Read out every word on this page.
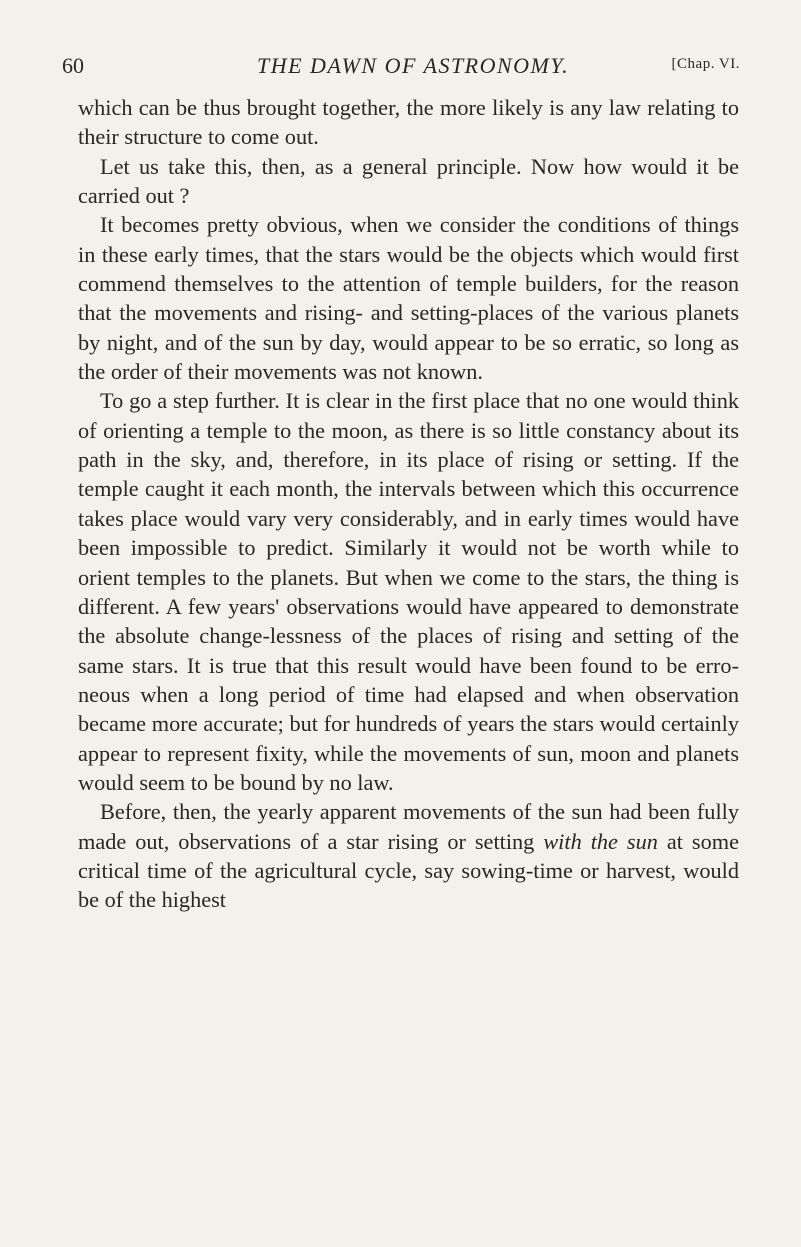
60	THE DAWN OF ASTRONOMY.	[Chap. VI.

which can be thus brought together, the more likely is any law relating to their structure to come out.

Let us take this, then, as a general principle. Now how would it be carried out ?

It becomes pretty obvious, when we consider the conditions of things in these early times, that the stars would be the objects which would first commend themselves to the attention of temple builders, for the reason that the movements and rising- and setting-places of the various planets by night, and of the sun by day, would appear to be so erratic, so long as the order of their movements was not known.

To go a step further. It is clear in the first place that no one would think of orienting a temple to the moon, as there is so little constancy about its path in the sky, and, therefore, in its place of rising or setting. If the temple caught it each month, the intervals between which this occurrence takes place would vary very considerably, and in early times would have been impossible to predict. Similarly it would not be worth while to orient temples to the planets. But when we come to the stars, the thing is different. A few years' observations would have appeared to demonstrate the absolute change-lessness of the places of rising and setting of the same stars. It is true that this result would have been found to be erro-neous when a long period of time had elapsed and when observation became more accurate; but for hundreds of years the stars would certainly appear to represent fixity, while the movements of sun, moon and planets would seem to be bound by no law.

Before, then, the yearly apparent movements of the sun had been fully made out, observations of a star rising or setting with the sun at some critical time of the agricultural cycle, say sowing-time or harvest, would be of the highest
